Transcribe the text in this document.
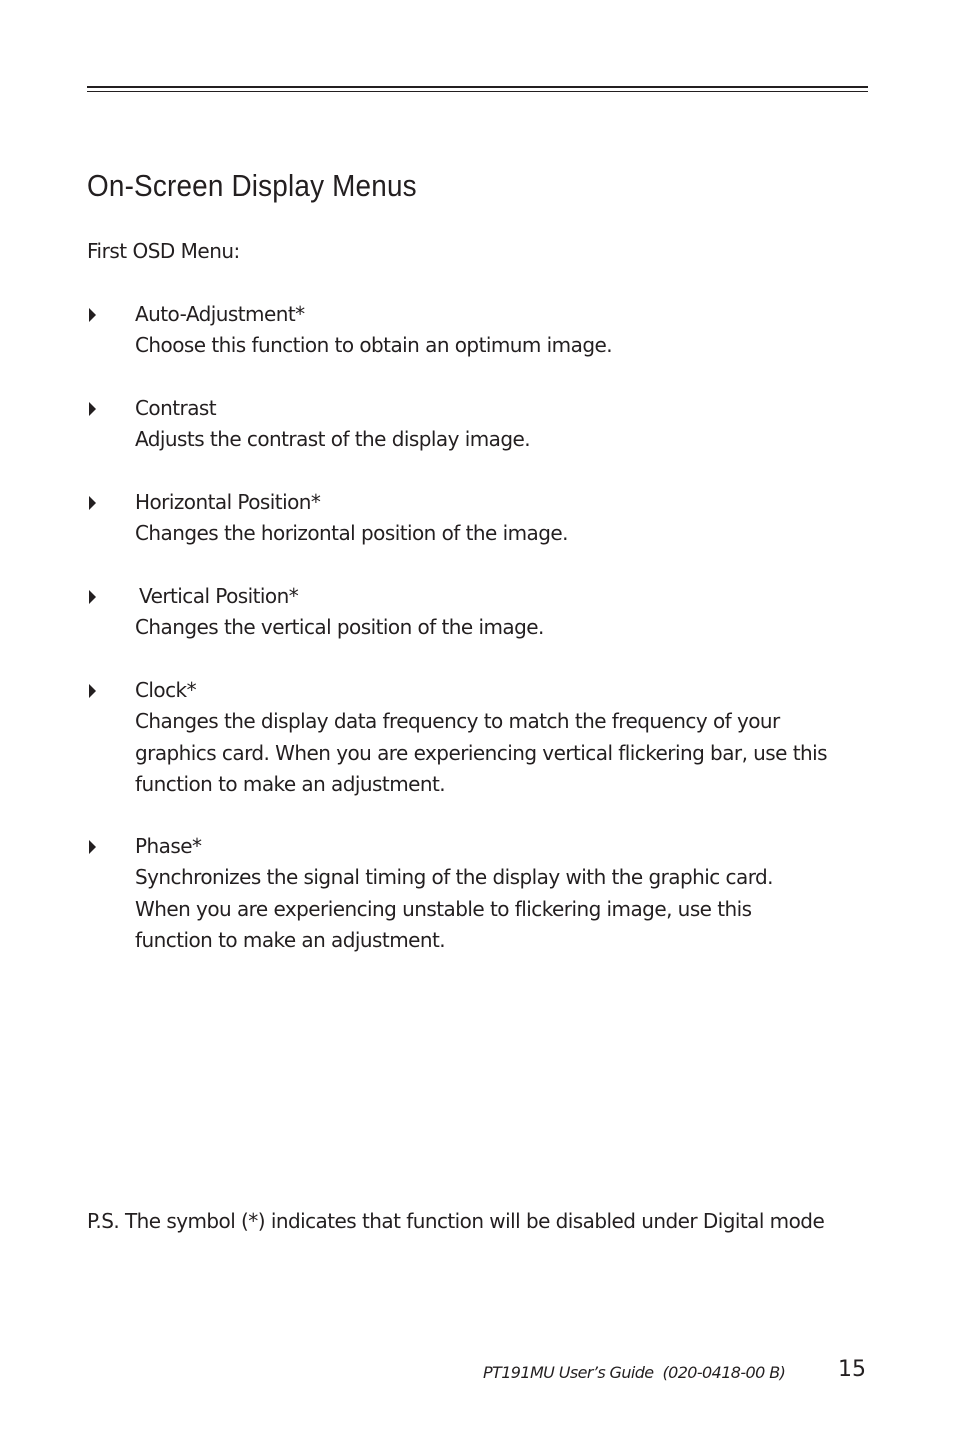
On-Screen Display Menus
First OSD Menu:
Auto-Adjustment*
Choose this function to obtain an optimum image.
Contrast
Adjusts the contrast of the display image.
Horizontal Position*
Changes the horizontal position of the image.
Vertical Position*
Changes the vertical position of the image.
Clock*
Changes the display data frequency to match the frequency of your
graphics card. When you are experiencing vertical flickering bar, use this
function to make an adjustment.
Phase*
Synchronizes the signal timing of the display with the graphic card.
When you are experiencing unstable to flickering image, use this
function to make an adjustment.
P.S. The symbol (*) indicates that function will be disabled under Digital mode
PT191MU User’s Guide  (020-0418-00 B) 15
